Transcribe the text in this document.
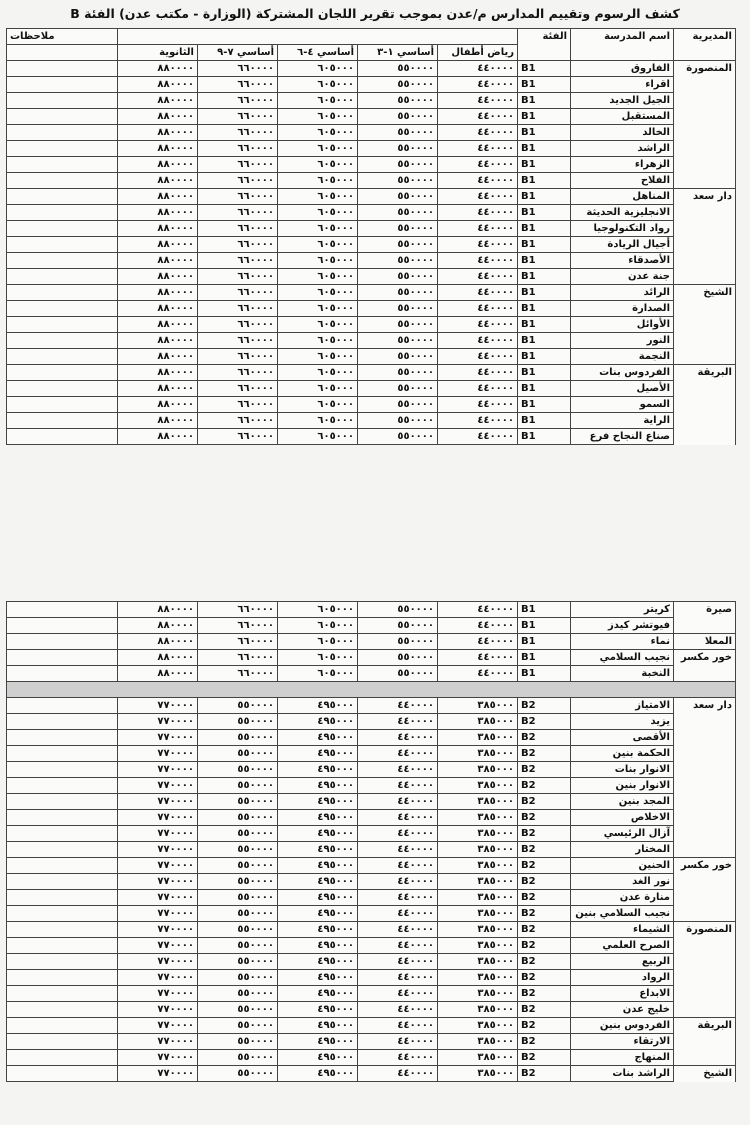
كشف الرسوم وتقييم المدارس م/عدن بموجب تقرير اللجان المشتركة (الوزارة - مكتب عدن) الفئة B
المديرية	اسم المدرسة	الفئة						ملاحظات
			رياض أطفال	أساسي ١-٣	أساسي ٤-٦	أساسي ٧-٩	الثانوية	
المنصورة	الفاروق	B1	٤٤٠٠٠٠	٥٥٠٠٠٠	٦٠٥٠٠٠	٦٦٠٠٠٠	٨٨٠٠٠٠	
	اقراء	B1	٤٤٠٠٠٠	٥٥٠٠٠٠	٦٠٥٠٠٠	٦٦٠٠٠٠	٨٨٠٠٠٠	
	الجيل الجديد	B1	٤٤٠٠٠٠	٥٥٠٠٠٠	٦٠٥٠٠٠	٦٦٠٠٠٠	٨٨٠٠٠٠	
	المستقبل	B1	٤٤٠٠٠٠	٥٥٠٠٠٠	٦٠٥٠٠٠	٦٦٠٠٠٠	٨٨٠٠٠٠	
	الخالد	B1	٤٤٠٠٠٠	٥٥٠٠٠٠	٦٠٥٠٠٠	٦٦٠٠٠٠	٨٨٠٠٠٠	
	الراشد	B1	٤٤٠٠٠٠	٥٥٠٠٠٠	٦٠٥٠٠٠	٦٦٠٠٠٠	٨٨٠٠٠٠	
	الزهراء	B1	٤٤٠٠٠٠	٥٥٠٠٠٠	٦٠٥٠٠٠	٦٦٠٠٠٠	٨٨٠٠٠٠	
	الفلاح	B1	٤٤٠٠٠٠	٥٥٠٠٠٠	٦٠٥٠٠٠	٦٦٠٠٠٠	٨٨٠٠٠٠	
دار سعد	المناهل	B1	٤٤٠٠٠٠	٥٥٠٠٠٠	٦٠٥٠٠٠	٦٦٠٠٠٠	٨٨٠٠٠٠	
	الانجليزية الحديثة	B1	٤٤٠٠٠٠	٥٥٠٠٠٠	٦٠٥٠٠٠	٦٦٠٠٠٠	٨٨٠٠٠٠	
	رواد التكنولوجيا	B1	٤٤٠٠٠٠	٥٥٠٠٠٠	٦٠٥٠٠٠	٦٦٠٠٠٠	٨٨٠٠٠٠	
	أجيال الريادة	B1	٤٤٠٠٠٠	٥٥٠٠٠٠	٦٠٥٠٠٠	٦٦٠٠٠٠	٨٨٠٠٠٠	
	الأصدقاء	B1	٤٤٠٠٠٠	٥٥٠٠٠٠	٦٠٥٠٠٠	٦٦٠٠٠٠	٨٨٠٠٠٠	
	جنة عدن	B1	٤٤٠٠٠٠	٥٥٠٠٠٠	٦٠٥٠٠٠	٦٦٠٠٠٠	٨٨٠٠٠٠	
الشيخ	الرائد	B1	٤٤٠٠٠٠	٥٥٠٠٠٠	٦٠٥٠٠٠	٦٦٠٠٠٠	٨٨٠٠٠٠	
	الصدارة	B1	٤٤٠٠٠٠	٥٥٠٠٠٠	٦٠٥٠٠٠	٦٦٠٠٠٠	٨٨٠٠٠٠	
	الأوائل	B1	٤٤٠٠٠٠	٥٥٠٠٠٠	٦٠٥٠٠٠	٦٦٠٠٠٠	٨٨٠٠٠٠	
	النور	B1	٤٤٠٠٠٠	٥٥٠٠٠٠	٦٠٥٠٠٠	٦٦٠٠٠٠	٨٨٠٠٠٠	
	النجمة	B1	٤٤٠٠٠٠	٥٥٠٠٠٠	٦٠٥٠٠٠	٦٦٠٠٠٠	٨٨٠٠٠٠	
البريقة	الفردوس بنات	B1	٤٤٠٠٠٠	٥٥٠٠٠٠	٦٠٥٠٠٠	٦٦٠٠٠٠	٨٨٠٠٠٠	
	الأصيل	B1	٤٤٠٠٠٠	٥٥٠٠٠٠	٦٠٥٠٠٠	٦٦٠٠٠٠	٨٨٠٠٠٠	
	السمو	B1	٤٤٠٠٠٠	٥٥٠٠٠٠	٦٠٥٠٠٠	٦٦٠٠٠٠	٨٨٠٠٠٠	
	الراية	B1	٤٤٠٠٠٠	٥٥٠٠٠٠	٦٠٥٠٠٠	٦٦٠٠٠٠	٨٨٠٠٠٠	
	صناع النجاح فرع	B1	٤٤٠٠٠٠	٥٥٠٠٠٠	٦٠٥٠٠٠	٦٦٠٠٠٠	٨٨٠٠٠٠	
صيرة	كريتر	B1	٤٤٠٠٠٠	٥٥٠٠٠٠	٦٠٥٠٠٠	٦٦٠٠٠٠	٨٨٠٠٠٠	
	فيوتشر كيدز	B1	٤٤٠٠٠٠	٥٥٠٠٠٠	٦٠٥٠٠٠	٦٦٠٠٠٠	٨٨٠٠٠٠	
المعلا	نماء	B1	٤٤٠٠٠٠	٥٥٠٠٠٠	٦٠٥٠٠٠	٦٦٠٠٠٠	٨٨٠٠٠٠	
خور مكسر	نجيب السلامي	B1	٤٤٠٠٠٠	٥٥٠٠٠٠	٦٠٥٠٠٠	٦٦٠٠٠٠	٨٨٠٠٠٠	
	النخبة	B1	٤٤٠٠٠٠	٥٥٠٠٠٠	٦٠٥٠٠٠	٦٦٠٠٠٠	٨٨٠٠٠٠	

دار سعد	الامتياز	B2	٣٨٥٠٠٠	٤٤٠٠٠٠	٤٩٥٠٠٠	٥٥٠٠٠٠	٧٧٠٠٠٠	
	يزيد	B2	٣٨٥٠٠٠	٤٤٠٠٠٠	٤٩٥٠٠٠	٥٥٠٠٠٠	٧٧٠٠٠٠	
	الأقصى	B2	٣٨٥٠٠٠	٤٤٠٠٠٠	٤٩٥٠٠٠	٥٥٠٠٠٠	٧٧٠٠٠٠	
	الحكمة بنين	B2	٣٨٥٠٠٠	٤٤٠٠٠٠	٤٩٥٠٠٠	٥٥٠٠٠٠	٧٧٠٠٠٠	
	الانوار بنات	B2	٣٨٥٠٠٠	٤٤٠٠٠٠	٤٩٥٠٠٠	٥٥٠٠٠٠	٧٧٠٠٠٠	
	الانوار بنين	B2	٣٨٥٠٠٠	٤٤٠٠٠٠	٤٩٥٠٠٠	٥٥٠٠٠٠	٧٧٠٠٠٠	
	المجد بنين	B2	٣٨٥٠٠٠	٤٤٠٠٠٠	٤٩٥٠٠٠	٥٥٠٠٠٠	٧٧٠٠٠٠	
	الاخلاص	B2	٣٨٥٠٠٠	٤٤٠٠٠٠	٤٩٥٠٠٠	٥٥٠٠٠٠	٧٧٠٠٠٠	
	آزال الرئيسي	B2	٣٨٥٠٠٠	٤٤٠٠٠٠	٤٩٥٠٠٠	٥٥٠٠٠٠	٧٧٠٠٠٠	
	المختار	B2	٣٨٥٠٠٠	٤٤٠٠٠٠	٤٩٥٠٠٠	٥٥٠٠٠٠	٧٧٠٠٠٠	
خور مكسر	الحنين	B2	٣٨٥٠٠٠	٤٤٠٠٠٠	٤٩٥٠٠٠	٥٥٠٠٠٠	٧٧٠٠٠٠	
	نور الغد	B2	٣٨٥٠٠٠	٤٤٠٠٠٠	٤٩٥٠٠٠	٥٥٠٠٠٠	٧٧٠٠٠٠	
	منارة عدن	B2	٣٨٥٠٠٠	٤٤٠٠٠٠	٤٩٥٠٠٠	٥٥٠٠٠٠	٧٧٠٠٠٠	
	نجيب السلامي بنين	B2	٣٨٥٠٠٠	٤٤٠٠٠٠	٤٩٥٠٠٠	٥٥٠٠٠٠	٧٧٠٠٠٠	
المنصورة	الشيماء	B2	٣٨٥٠٠٠	٤٤٠٠٠٠	٤٩٥٠٠٠	٥٥٠٠٠٠	٧٧٠٠٠٠	
	الصرح العلمي	B2	٣٨٥٠٠٠	٤٤٠٠٠٠	٤٩٥٠٠٠	٥٥٠٠٠٠	٧٧٠٠٠٠	
	الربيع	B2	٣٨٥٠٠٠	٤٤٠٠٠٠	٤٩٥٠٠٠	٥٥٠٠٠٠	٧٧٠٠٠٠	
	الرواد	B2	٣٨٥٠٠٠	٤٤٠٠٠٠	٤٩٥٠٠٠	٥٥٠٠٠٠	٧٧٠٠٠٠	
	الابداع	B2	٣٨٥٠٠٠	٤٤٠٠٠٠	٤٩٥٠٠٠	٥٥٠٠٠٠	٧٧٠٠٠٠	
	خليج عدن	B2	٣٨٥٠٠٠	٤٤٠٠٠٠	٤٩٥٠٠٠	٥٥٠٠٠٠	٧٧٠٠٠٠	
البريقة	الفردوس بنين	B2	٣٨٥٠٠٠	٤٤٠٠٠٠	٤٩٥٠٠٠	٥٥٠٠٠٠	٧٧٠٠٠٠	
	الارتقاء	B2	٣٨٥٠٠٠	٤٤٠٠٠٠	٤٩٥٠٠٠	٥٥٠٠٠٠	٧٧٠٠٠٠	
	المنهاج	B2	٣٨٥٠٠٠	٤٤٠٠٠٠	٤٩٥٠٠٠	٥٥٠٠٠٠	٧٧٠٠٠٠	
الشيخ	الراشد بنات	B2	٣٨٥٠٠٠	٤٤٠٠٠٠	٤٩٥٠٠٠	٥٥٠٠٠٠	٧٧٠٠٠٠	
